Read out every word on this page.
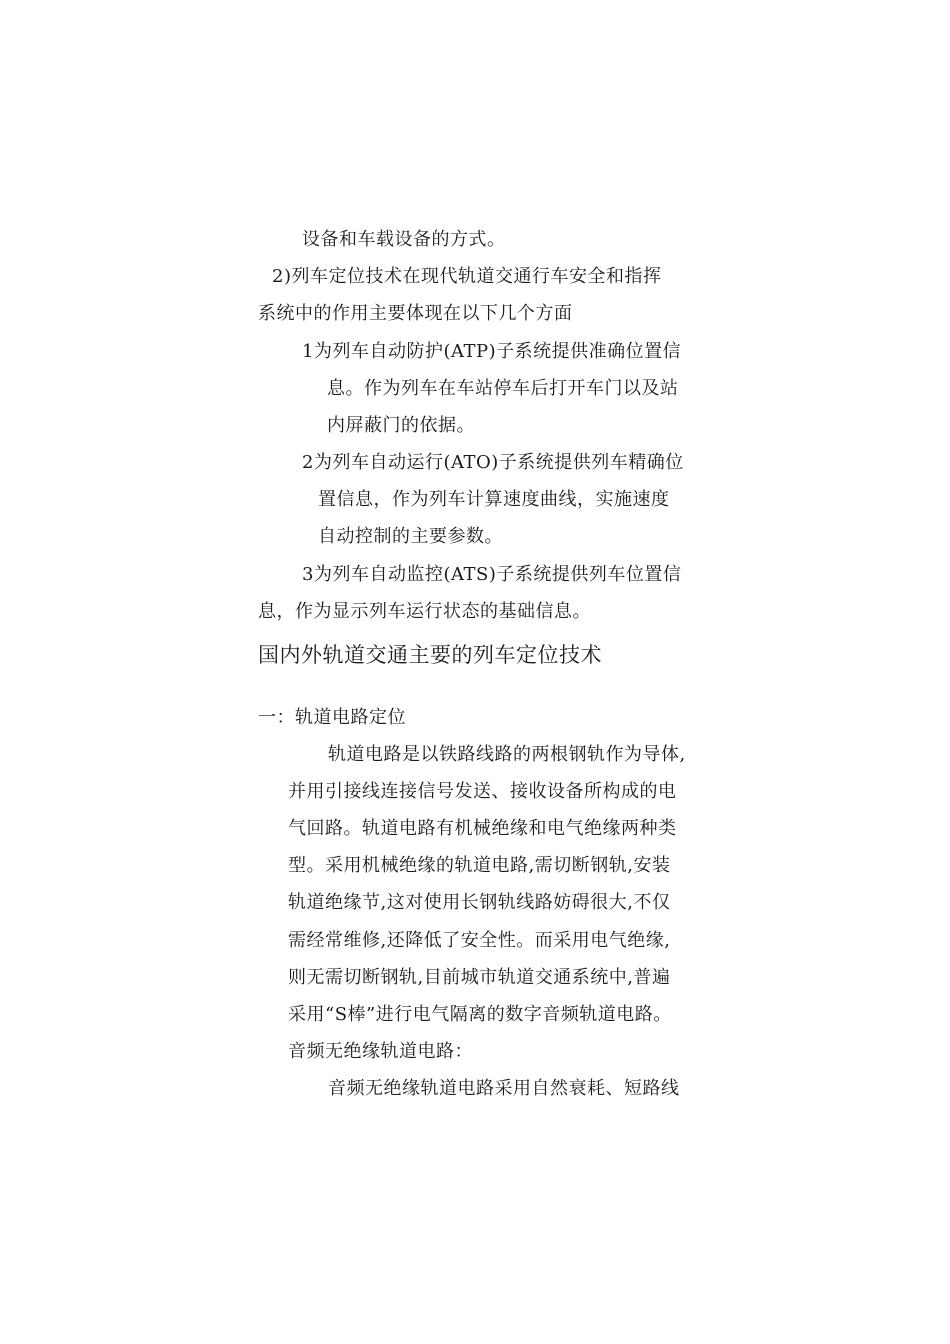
设备和车载设备的方式。
2)列车定位技术在现代轨道交通行车安全和指挥
系统中的作用主要体现在以下几个方面
1为列车自动防护(ATP)子系统提供准确位置信
息。作为列车在车站停车后打开车门以及站
内屏蔽门的依据。
2为列车自动运行(ATO)子系统提供列车精确位
置信息，作为列车计算速度曲线，实施速度
自动控制的主要参数。
3为列车自动监控(ATS)子系统提供列车位置信
息，作为显示列车运行状态的基础信息。
国内外轨道交通主要的列车定位技术
一：轨道电路定位
轨道电路是以铁路线路的两根钢轨作为导体,
并用引接线连接信号发送、接收设备所构成的电
气回路。轨道电路有机械绝缘和电气绝缘两种类
型。采用机械绝缘的轨道电路,需切断钢轨,安装
轨道绝缘节,这对使用长钢轨线路妨碍很大,不仅
需经常维修,还降低了安全性。而采用电气绝缘,
则无需切断钢轨,目前城市轨道交通系统中,普遍
采用“S棒”进行电气隔离的数字音频轨道电路。
音频无绝缘轨道电路：
音频无绝缘轨道电路采用自然衰耗、短路线
